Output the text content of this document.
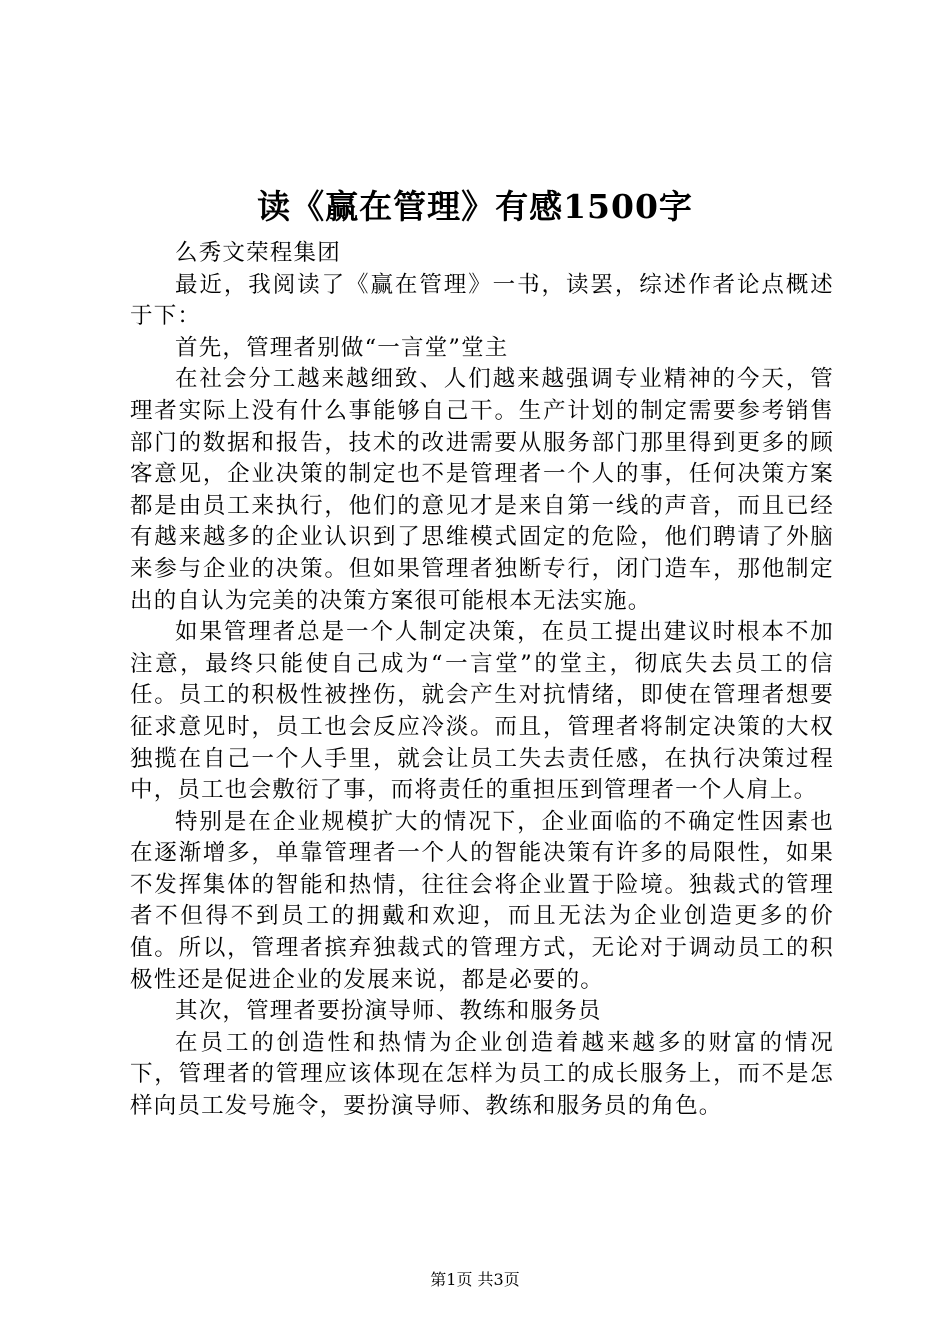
读《赢在管理》有感1500字

么秀文荣程集团

最近，我阅读了《赢在管理》一书，读罢，综述作者论点概述于下：

首先，管理者别做“一言堂”堂主

在社会分工越来越细致、人们越来越强调专业精神的今天，管理者实际上没有什么事能够自己干。生产计划的制定需要参考销售部门的数据和报告，技术的改进需要从服务部门那里得到更多的顾客意见，企业决策的制定也不是管理者一个人的事，任何决策方案都是由员工来执行，他们的意见才是来自第一线的声音，而且已经有越来越多的企业认识到了思维模式固定的危险，他们聘请了外脑来参与企业的决策。但如果管理者独断专行，闭门造车，那他制定出的自认为完美的决策方案很可能根本无法实施。

如果管理者总是一个人制定决策，在员工提出建议时根本不加注意，最终只能使自己成为“一言堂”的堂主，彻底失去员工的信任。员工的积极性被挫伤，就会产生对抗情绪，即使在管理者想要征求意见时，员工也会反应冷淡。而且，管理者将制定决策的大权独揽在自己一个人手里，就会让员工失去责任感，在执行决策过程中，员工也会敷衍了事，而将责任的重担压到管理者一个人肩上。

特别是在企业规模扩大的情况下，企业面临的不确定性因素也在逐渐增多，单靠管理者一个人的智能决策有许多的局限性，如果不发挥集体的智能和热情，往往会将企业置于险境。独裁式的管理者不但得不到员工的拥戴和欢迎，而且无法为企业创造更多的价值。所以，管理者摈弃独裁式的管理方式，无论对于调动员工的积极性还是促进企业的发展来说，都是必要的。

其次，管理者要扮演导师、教练和服务员

在员工的创造性和热情为企业创造着越来越多的财富的情况下，管理者的管理应该体现在怎样为员工的成长服务上，而不是怎样向员工发号施令，要扮演导师、教练和服务员的角色。

第1页 共3页
